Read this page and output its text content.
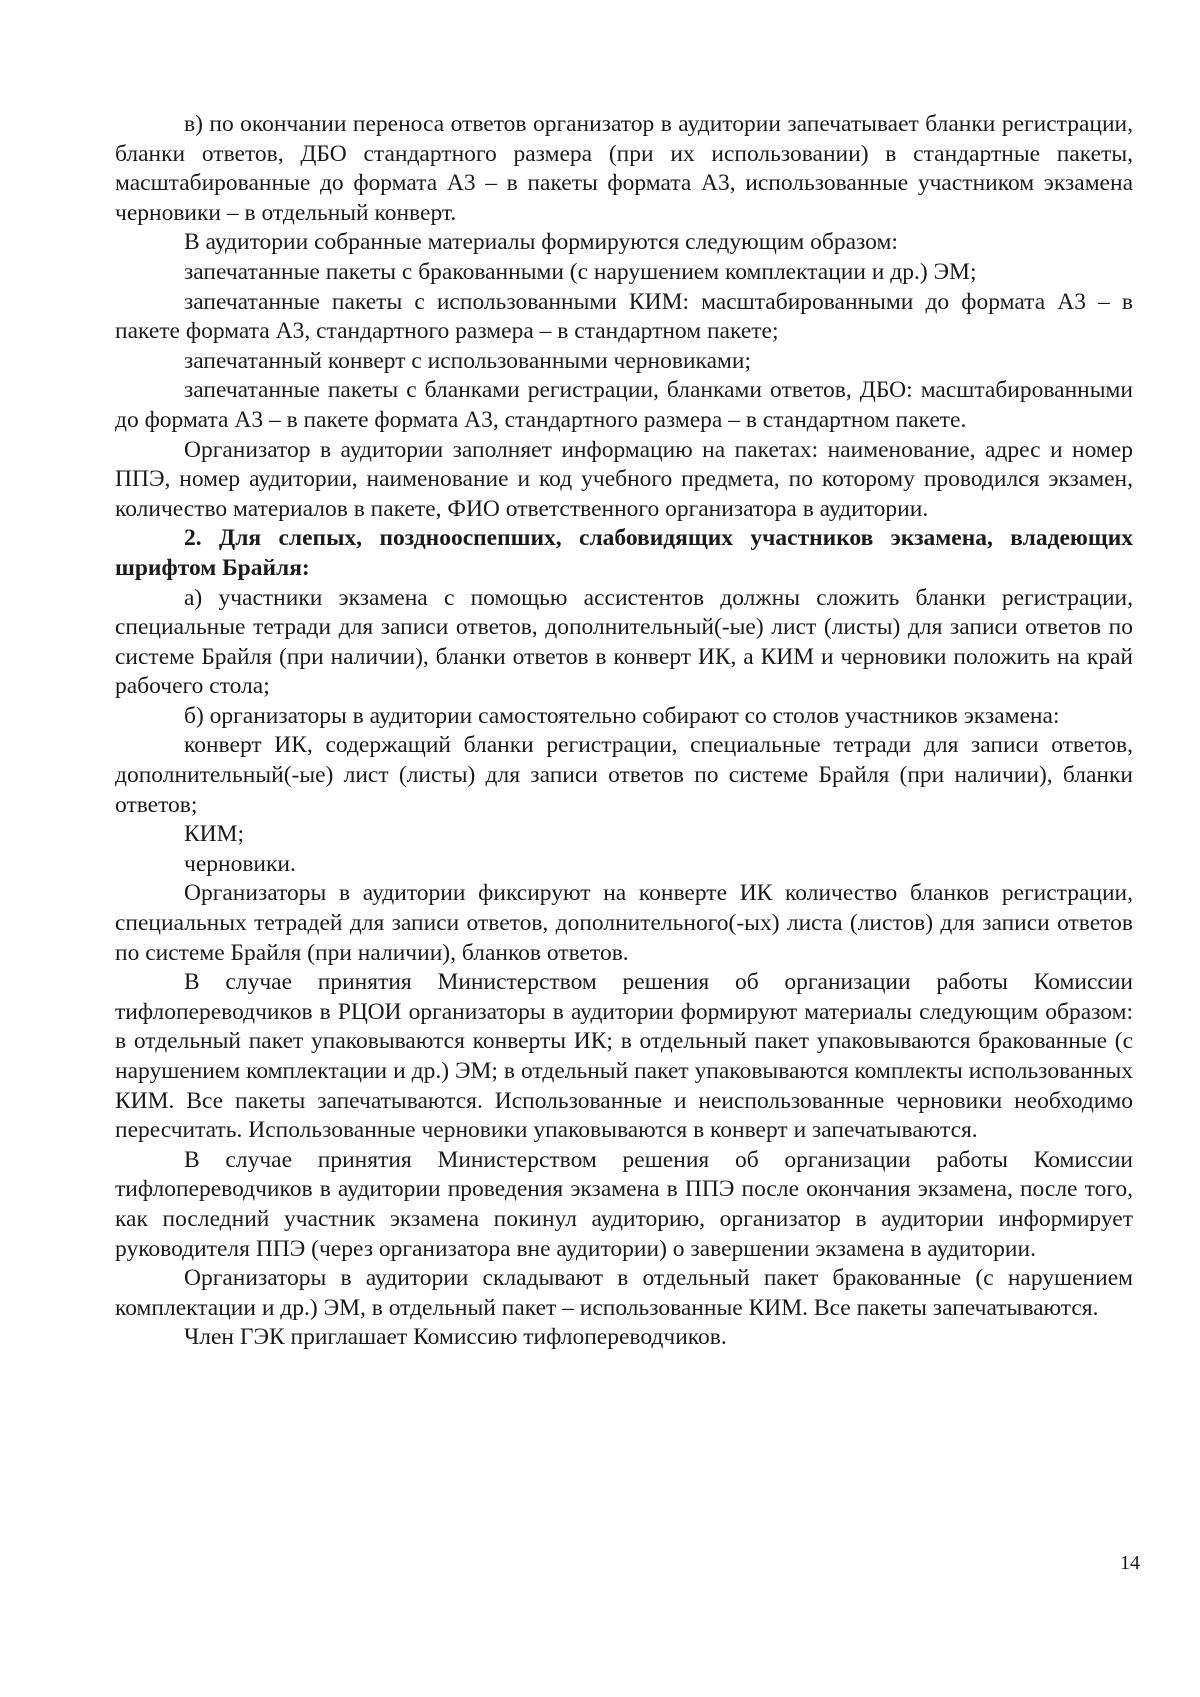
в) по окончании переноса ответов организатор в аудитории запечатывает бланки регистрации, бланки ответов, ДБО стандартного размера (при их использовании) в стандартные пакеты, масштабированные до формата А3 – в пакеты формата А3, использованные участником экзамена черновики – в отдельный конверт.

В аудитории собранные материалы формируются следующим образом:

запечатанные пакеты с бракованными (с нарушением комплектации и др.) ЭМ;

запечатанные пакеты с использованными КИМ: масштабированными до формата А3 – в пакете формата А3, стандартного размера – в стандартном пакете;

запечатанный конверт с использованными черновиками;

запечатанные пакеты с бланками регистрации, бланками ответов, ДБО: масштабированными до формата А3 – в пакете формата А3, стандартного размера – в стандартном пакете.

Организатор в аудитории заполняет информацию на пакетах: наименование, адрес и номер ППЭ, номер аудитории, наименование и код учебного предмета, по которому проводился экзамен, количество материалов в пакете, ФИО ответственного организатора в аудитории.

2. Для слепых, позднооспепших, слабовидящих участников экзамена, владеющих шрифтом Брайля:

а) участники экзамена с помощью ассистентов должны сложить бланки регистрации, специальные тетради для записи ответов, дополнительный(-ые) лист (листы) для записи ответов по системе Брайля (при наличии), бланки ответов в конверт ИК, а КИМ и черновики положить на край рабочего стола;

б) организаторы в аудитории самостоятельно собирают со столов участников экзамена:

конверт ИК, содержащий бланки регистрации, специальные тетради для записи ответов, дополнительный(-ые) лист (листы) для записи ответов по системе Брайля (при наличии), бланки ответов;

КИМ;

черновики.

Организаторы в аудитории фиксируют на конверте ИК количество бланков регистрации, специальных тетрадей для записи ответов, дополнительного(-ых) листа (листов) для записи ответов по системе Брайля (при наличии), бланков ответов.

В случае принятия Министерством решения об организации работы Комиссии тифлопереводчиков в РЦОИ организаторы в аудитории формируют материалы следующим образом: в отдельный пакет упаковываются конверты ИК; в отдельный пакет упаковываются бракованные (с нарушением комплектации и др.) ЭМ; в отдельный пакет упаковываются комплекты использованных КИМ. Все пакеты запечатываются. Использованные и неиспользованные черновики необходимо пересчитать. Использованные черновики упаковываются в конверт и запечатываются.

В случае принятия Министерством решения об организации работы Комиссии тифлопереводчиков в аудитории проведения экзамена в ППЭ после окончания экзамена, после того, как последний участник экзамена покинул аудиторию, организатор в аудитории информирует руководителя ППЭ (через организатора вне аудитории) о завершении экзамена в аудитории.

Организаторы в аудитории складывают в отдельный пакет бракованные (с нарушением комплектации и др.) ЭМ, в отдельный пакет – использованные КИМ. Все пакеты запечатываются.

Член ГЭК приглашает Комиссию тифлопереводчиков.

14
